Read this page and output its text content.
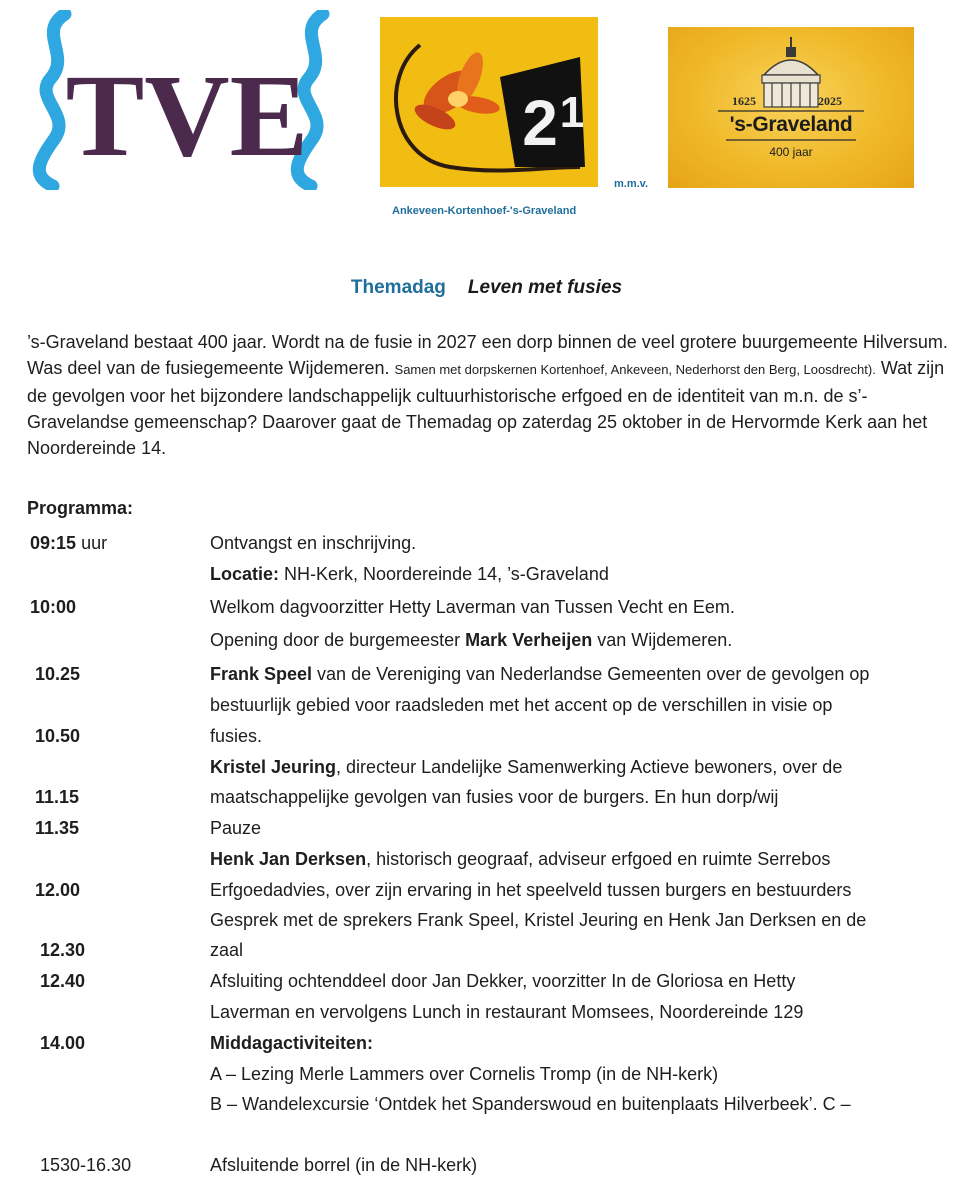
TVE	2 1
m.m.v.
Ankeveen-Kortenhoef-'s-Graveland
1625	2025
's-Graveland
400 jaar
Themadag Leven met fusies
’s-Graveland bestaat 400 jaar. Wordt na de fusie in 2027 een dorp binnen de veel grotere buurgemeente Hilversum. Was deel van de fusiegemeente Wijdemeren. Samen met dorpskernen Kortenhoef, Ankeveen, Nederhorst den Berg, Loosdrecht). Wat zijn de gevolgen voor het bijzondere landschappelijk cultuurhistorische erfgoed en de identiteit van m.n. de s’-Gravelandse gemeenschap? Daarover gaat de Themadag op zaterdag 25 oktober in de Hervormde Kerk aan het Noordereinde 14.
Programma:
09:15 uur
10:00
10.25
10.50
11.15
11.35
12.00
12.30
12.40
14.00
1530-16.30
Ontvangst en inschrijving.
Locatie: NH-Kerk, Noordereinde 14, ’s-Graveland
Welkom dagvoorzitter Hetty Laverman van Tussen Vecht en Eem.
Opening door de burgemeester Mark Verheijen van Wijdemeren.
Frank Speel van de Vereniging van Nederlandse Gemeenten over de gevolgen op
bestuurlijk gebied voor raadsleden met het accent op de verschillen in visie op
fusies.
Kristel Jeuring, directeur Landelijke Samenwerking Actieve bewoners, over de
maatschappelijke gevolgen van fusies voor de burgers. En hun dorp/wij
Pauze
Henk Jan Derksen, historisch geograaf, adviseur erfgoed en ruimte Serrebos
Erfgoedadvies, over zijn ervaring in het speelveld tussen burgers en bestuurders
Gesprek met de sprekers Frank Speel, Kristel Jeuring en Henk Jan Derksen en de
zaal
Afsluiting ochtenddeel door Jan Dekker, voorzitter In de Gloriosa en Hetty
Laverman en vervolgens Lunch in restaurant Momsees, Noordereinde 129
Middagactiviteiten:
A – Lezing Merle Lammers over Cornelis Tromp (in de NH-kerk)
B – Wandelexcursie ‘Ontdek het Spanderswoud en buitenplaats Hilverbeek’. C –
Afsluitende borrel (in de NH-kerk)
